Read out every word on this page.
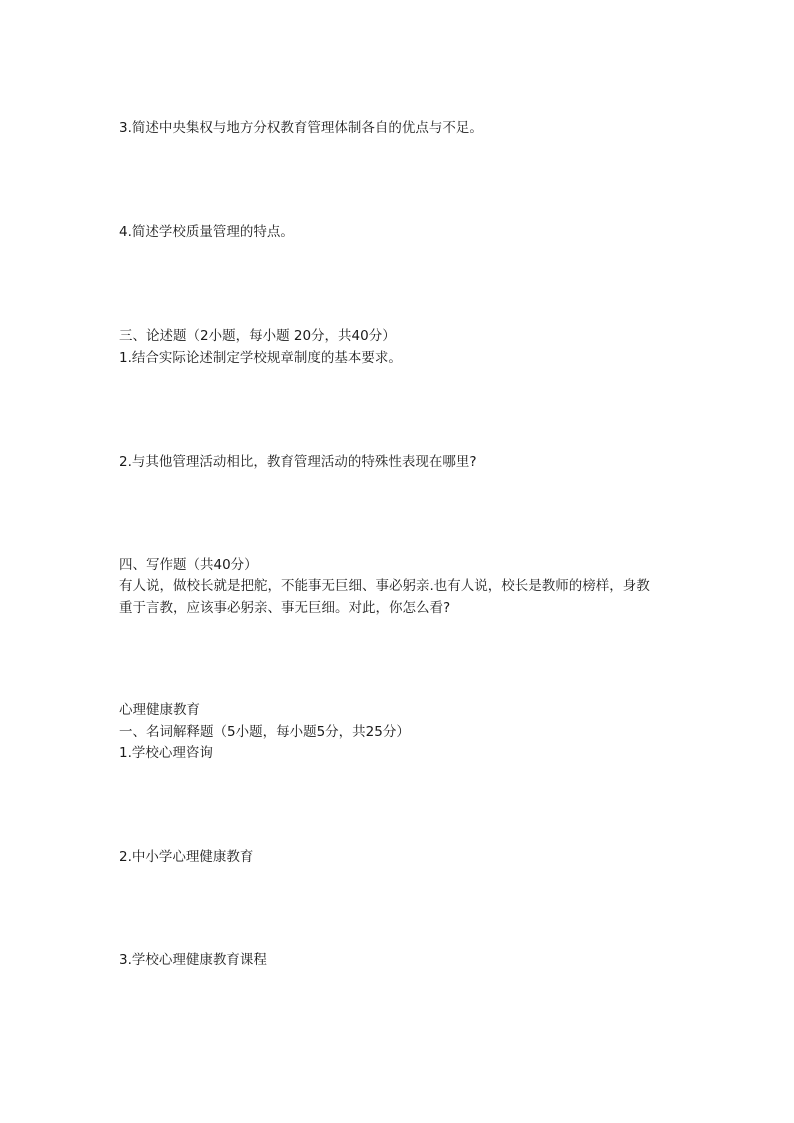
3.简述中央集权与地方分权教育管理体制各自的优点与不足。
4.简述学校质量管理的特点。
三、论述题（2小题，每小题 20分，共40分）
1.结合实际论述制定学校规章制度的基本要求。
2.与其他管理活动相比，教育管理活动的特殊性表现在哪里?
四、写作题（共40分）
有人说，做校长就是把舵，不能事无巨细、事必躬亲.也有人说，校长是教师的榜样，身教
重于言教，应该事必躬亲、事无巨细。对此，你怎么看?
心理健康教育
一、名词解释题（5小题，每小题5分，共25分）
1.学校心理咨询
2.中小学心理健康教育
3.学校心理健康教育课程
